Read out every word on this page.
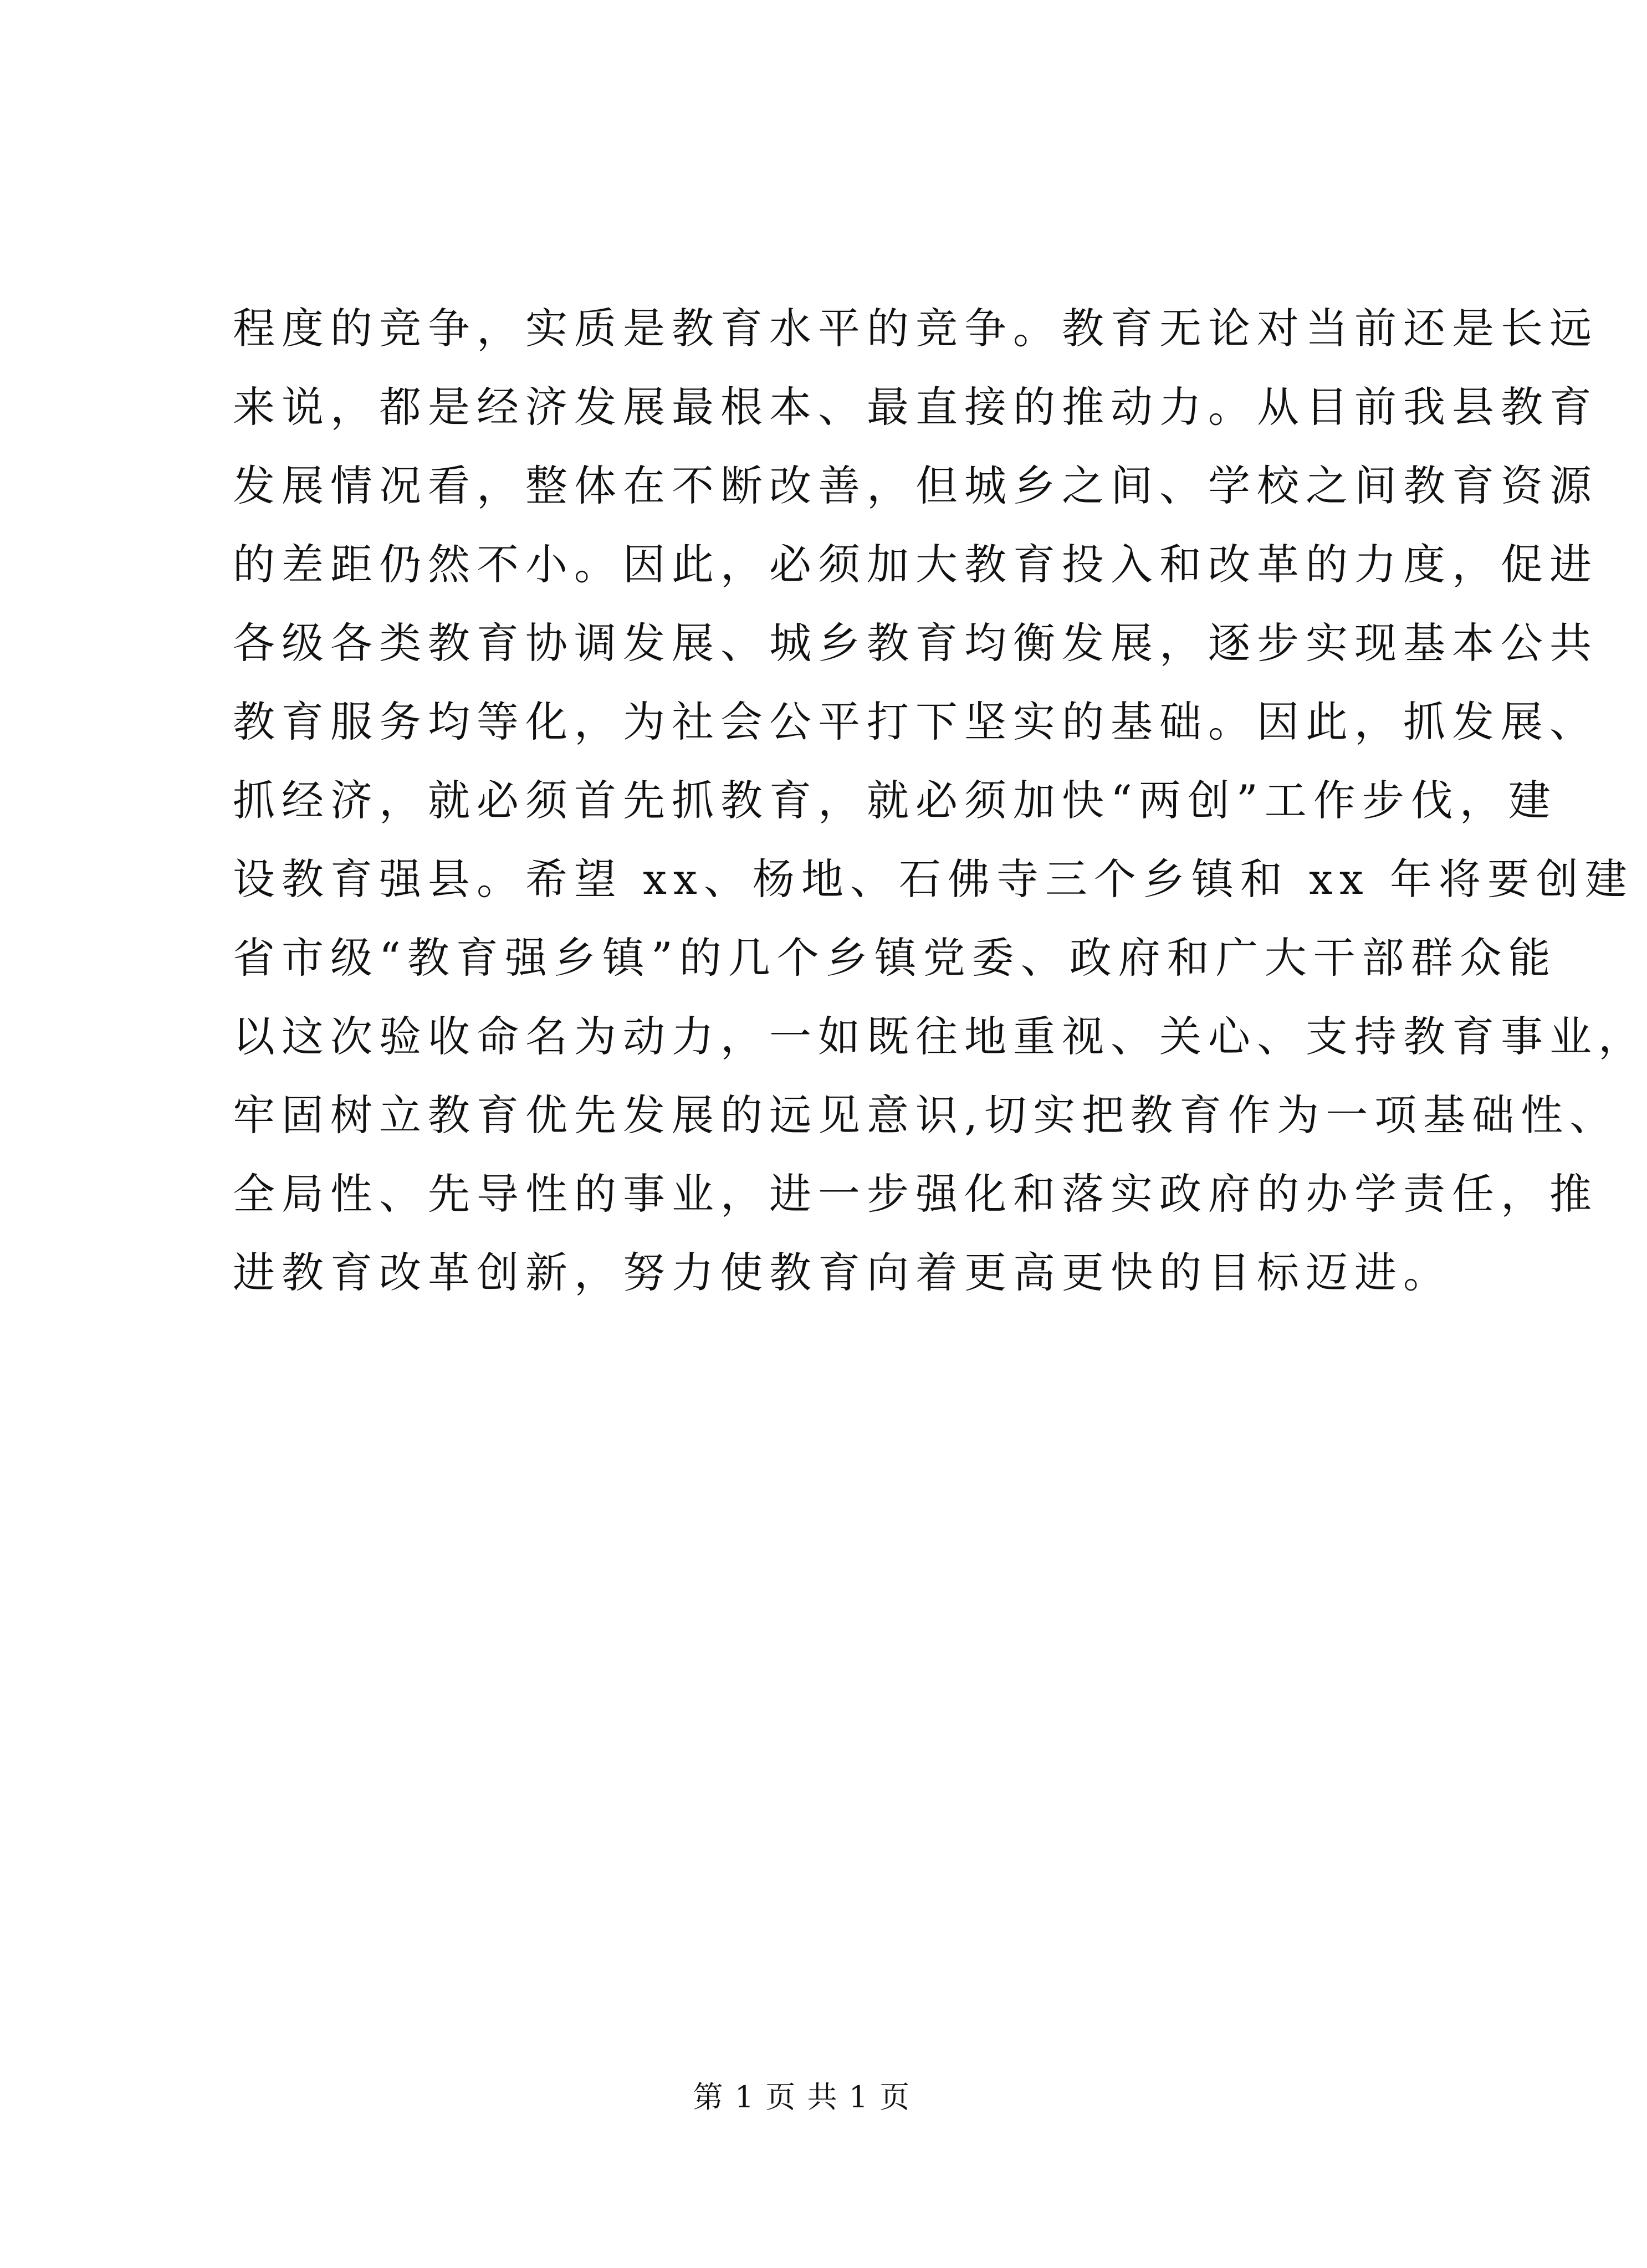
程度的竞争，实质是教育水平的竞争。教育无论对当前还是长远
来说，都是经济发展最根本、最直接的推动力。从目前我县教育
发展情况看，整体在不断改善，但城乡之间、学校之间教育资源
的差距仍然不小。因此，必须加大教育投入和改革的力度，促进
各级各类教育协调发展、城乡教育均衡发展，逐步实现基本公共
教育服务均等化，为社会公平打下坚实的基础。因此，抓发展、
抓经济，就必须首先抓教育，就必须加快“两创”工作步伐，建
设教育强县。希望 xx、杨地、石佛寺三个乡镇和 xx 年将要创建
省市级“教育强乡镇”的几个乡镇党委、政府和广大干部群众能
以这次验收命名为动力，一如既往地重视、关心、支持教育事业，
牢固树立教育优先发展的远见意识,切实把教育作为一项基础性、
全局性、先导性的事业，进一步强化和落实政府的办学责任，推
进教育改革创新，努力使教育向着更高更快的目标迈进。
第 1 页 共 1 页
